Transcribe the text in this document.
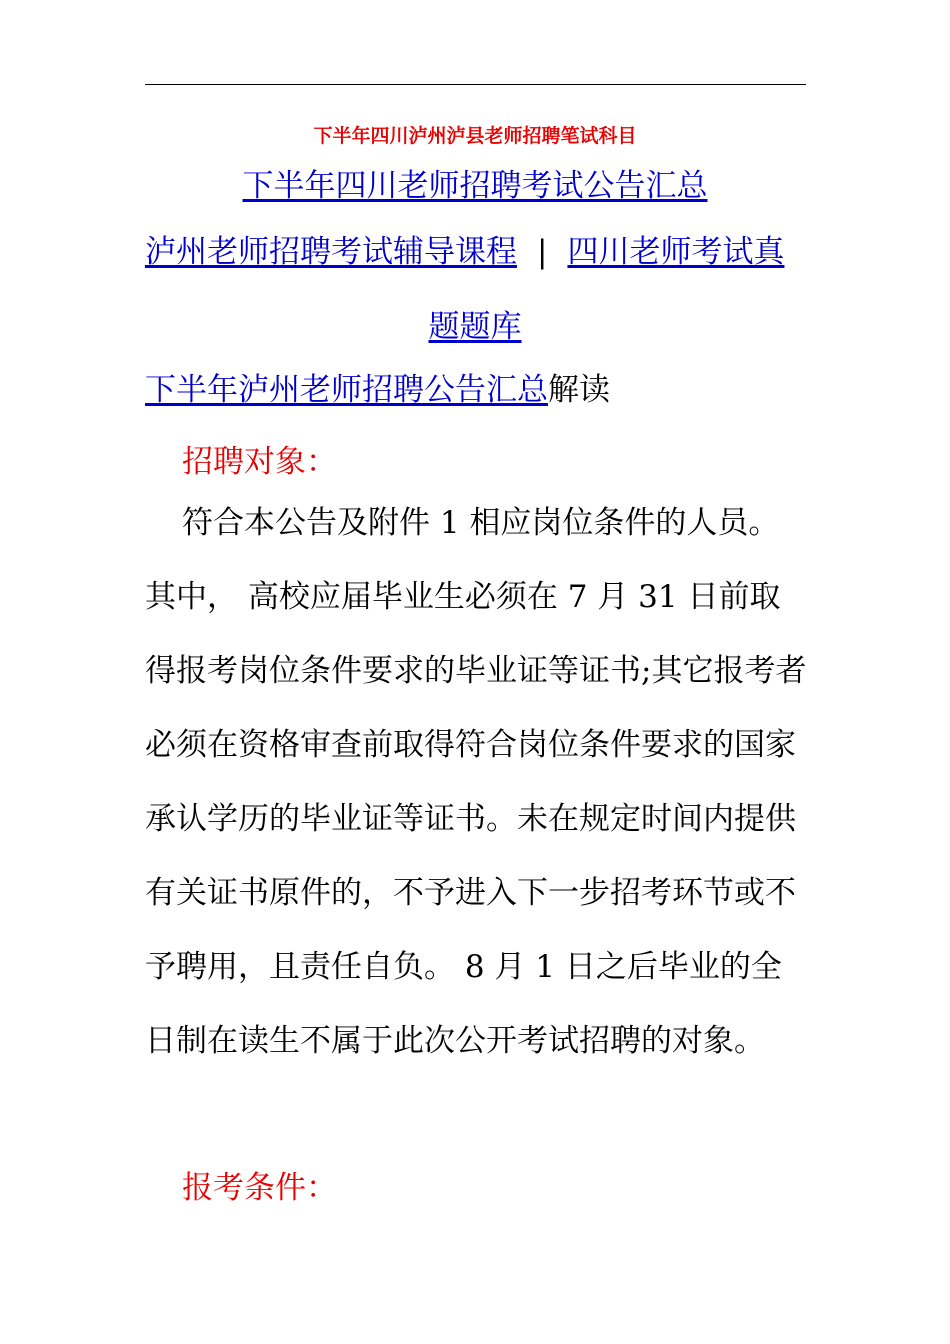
下半年四川泸州泸县老师招聘笔试科目
下半年四川老师招聘考试公告汇总
泸州老师招聘考试辅导课程 | 四川老师考试真
题题库
下半年泸州老师招聘公告汇总解读
招聘对象：
符合本公告及附件 1 相应岗位条件的人员。其中， 高校应届毕业生必须在 7 月 31 日前取得报考岗位条件要求的毕业证等证书;其它报考者必须在资格审查前取得符合岗位条件要求的国家承认学历的毕业证等证书。未在规定时间内提供有关证书原件的，不予进入下一步招考环节或不予聘用，且责任自负。 8 月 1 日之后毕业的全日制在读生不属于此次公开考试招聘的对象。
报考条件：
